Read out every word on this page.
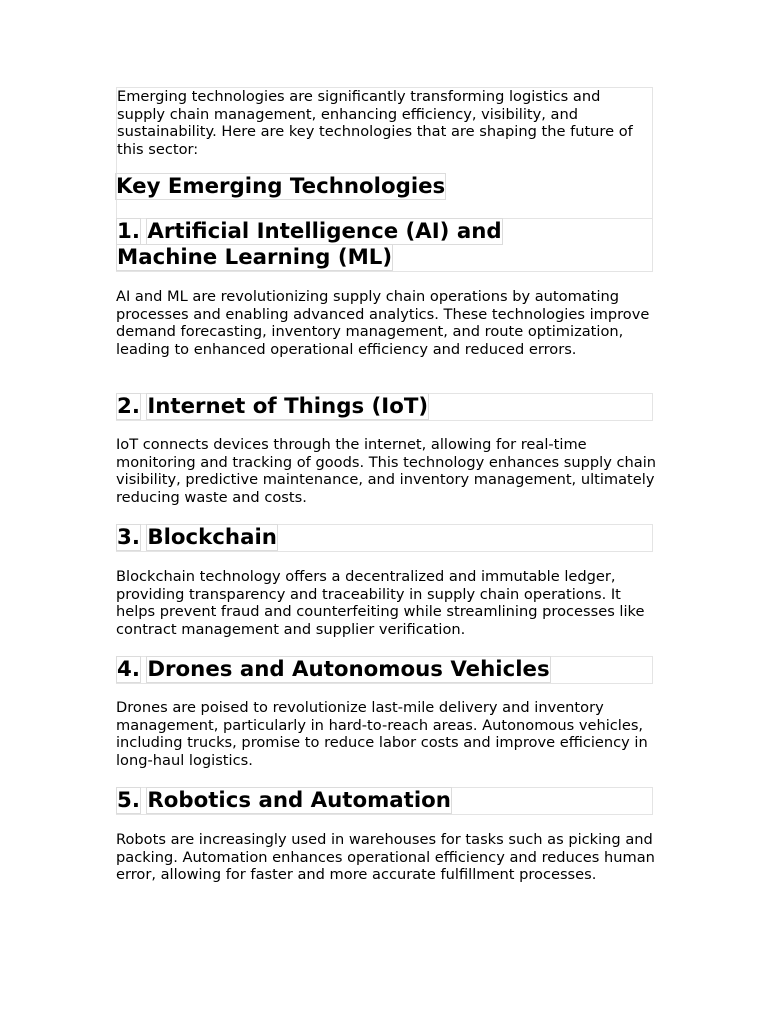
Emerging technologies are significantly transforming logistics and supply chain management, enhancing efficiency, visibility, and sustainability. Here are key technologies that are shaping the future of this sector:

Key Emerging Technologies
1. Artificial Intelligence (AI) and
Machine Learning (ML)

AI and ML are revolutionizing supply chain operations by automating processes and enabling advanced analytics. These technologies improve demand forecasting, inventory management, and route optimization, leading to enhanced operational efficiency and reduced errors.

2. Internet of Things (IoT)

IoT connects devices through the internet, allowing for real-time monitoring and tracking of goods. This technology enhances supply chain visibility, predictive maintenance, and inventory management, ultimately reducing waste and costs.

3. Blockchain

Blockchain technology offers a decentralized and immutable ledger, providing transparency and traceability in supply chain operations. It helps prevent fraud and counterfeiting while streamlining processes like contract management and supplier verification.

4. Drones and Autonomous Vehicles

Drones are poised to revolutionize last-mile delivery and inventory management, particularly in hard-to-reach areas. Autonomous vehicles, including trucks, promise to reduce labor costs and improve efficiency in long-haul logistics.

5. Robotics and Automation

Robots are increasingly used in warehouses for tasks such as picking and packing. Automation enhances operational efficiency and reduces human error, allowing for faster and more accurate fulfillment processes.
